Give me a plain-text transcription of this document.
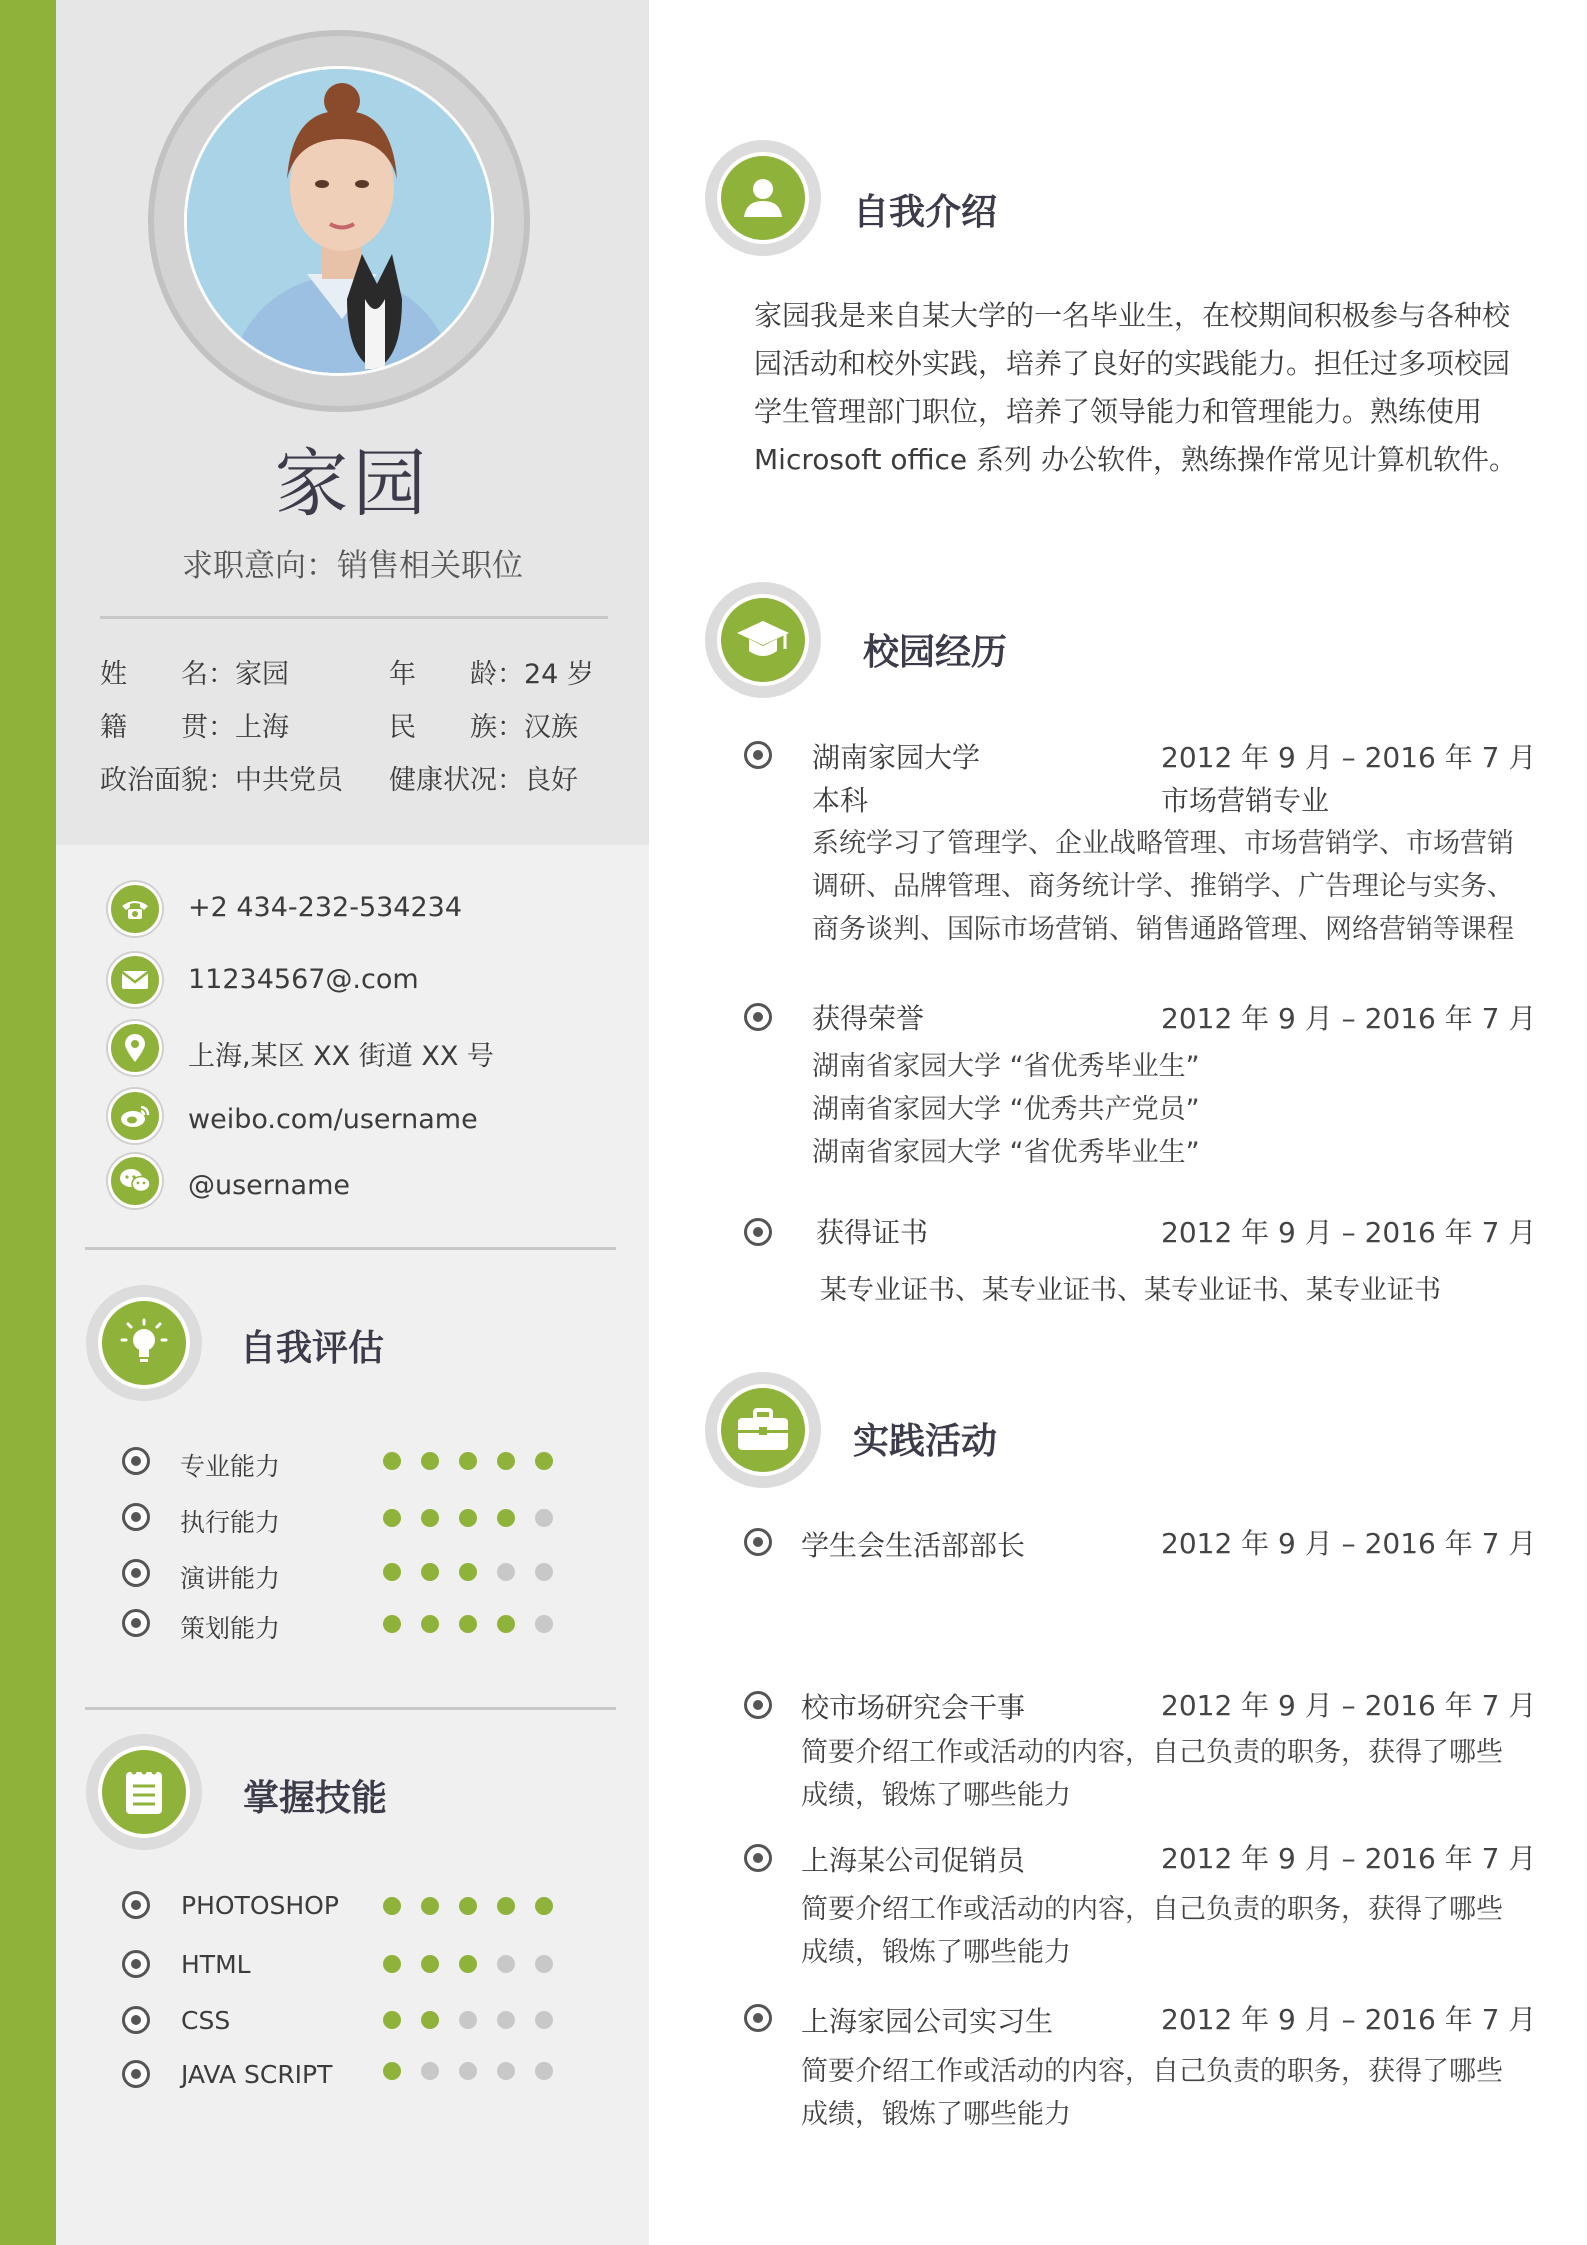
家园
求职意向：销售相关职位
姓　　名：家园	年　　龄：24 岁
籍　　贯：上海	民　　族：汉族
政治面貌：中共党员 健康状况：良好
+2 434-232-534234
11234567@.com
上海,某区 XX 街道 XX 号
weibo.com/username
@username
自我评估
专业能力
执行能力
演讲能力
策划能力
掌握技能
PHOTOSHOP
HTML
CSS
JAVA SCRIPT
自我介绍

家园我是来自某大学的一名毕业生，在校期间积极参与各种校

园活动和校外实践，培养了良好的实践能力。担任过多项校园

学生管理部门职位，培养了领导能力和管理能力。熟练使用

Microsoft office 系列 办公软件，熟练操作常见计算机软件。

校园经历
湖南家园大学	2012 年 9 月 – 2016 年 7 月
本科	市场营销专业

系统学习了管理学、企业战略管理、市场营销学、市场营销

调研、品牌管理、商务统计学、推销学、广告理论与实务、

商务谈判、国际市场营销、销售通路管理、网络营销等课程

获得荣誉	2012 年 9 月 – 2016 年 7 月

湖南省家园大学 “省优秀毕业生”

湖南省家园大学 “优秀共产党员”

湖南省家园大学 “省优秀毕业生”

获得证书	2012 年 9 月 – 2016 年 7 月
某专业证书、某专业证书、某专业证书、某专业证书
实践活动
学生会生活部部长	2012 年 9 月 – 2016 年 7 月
校市场研究会干事	2012 年 9 月 – 2016 年 7 月

简要介绍工作或活动的内容，自己负责的职务，获得了哪些

成绩，锻炼了哪些能力

上海某公司促销员	2012 年 9 月 – 2016 年 7 月

简要介绍工作或活动的内容，自己负责的职务，获得了哪些

成绩，锻炼了哪些能力

上海家园公司实习生	2012 年 9 月 – 2016 年 7 月

简要介绍工作或活动的内容，自己负责的职务，获得了哪些

成绩，锻炼了哪些能力
